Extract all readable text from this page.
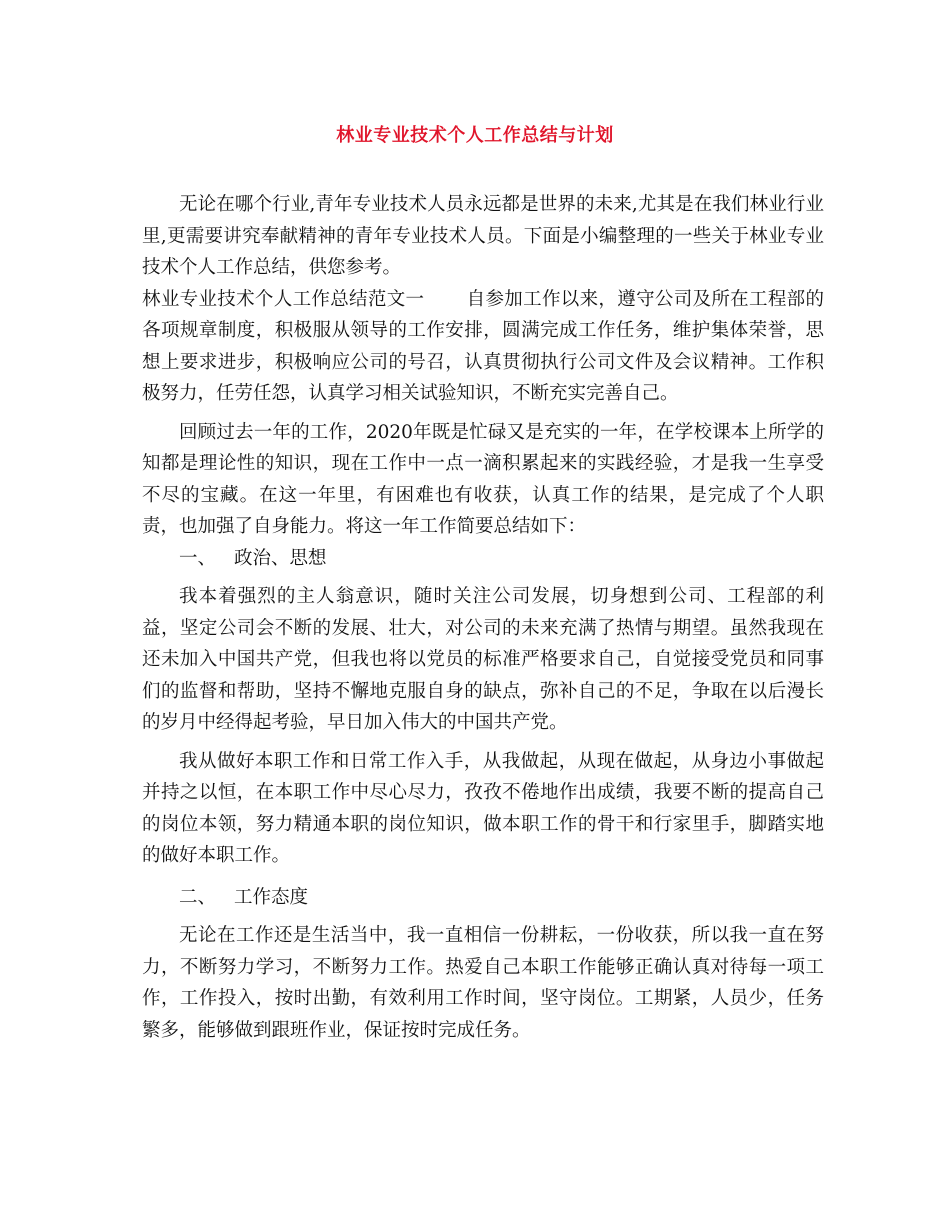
林业专业技术个人工作总结与计划

无论在哪个行业,青年专业技术人员永远都是世界的未来,尤其是在我们林业行业里,更需要讲究奉献精神的青年专业技术人员。下面是小编整理的一些关于林业专业技术个人工作总结，供您参考。

林业专业技术个人工作总结范文一 自参加工作以来，遵守公司及所在工程部的各项规章制度，积极服从领导的工作安排，圆满完成工作任务，维护集体荣誉，思想上要求进步，积极响应公司的号召，认真贯彻执行公司文件及会议精神。工作积极努力，任劳任怨，认真学习相关试验知识，不断充实完善自己。

回顾过去一年的工作，2020年既是忙碌又是充实的一年，在学校课本上所学的知都是理论性的知识，现在工作中一点一滴积累起来的实践经验，才是我一生享受不尽的宝藏。在这一年里，有困难也有收获，认真工作的结果，是完成了个人职责，也加强了自身能力。将这一年工作简要总结如下：

一、 政治、思想

我本着强烈的主人翁意识，随时关注公司发展，切身想到公司、工程部的利益，坚定公司会不断的发展、壮大，对公司的未来充满了热情与期望。虽然我现在还未加入中国共产党，但我也将以党员的标准严格要求自己，自觉接受党员和同事们的监督和帮助，坚持不懈地克服自身的缺点，弥补自己的不足，争取在以后漫长的岁月中经得起考验，早日加入伟大的中国共产党。

我从做好本职工作和日常工作入手，从我做起，从现在做起，从身边小事做起并持之以恒，在本职工作中尽心尽力，孜孜不倦地作出成绩，我要不断的提高自己的岗位本领，努力精通本职的岗位知识，做本职工作的骨干和行家里手，脚踏实地的做好本职工作。

二、 工作态度

无论在工作还是生活当中，我一直相信一份耕耘，一份收获，所以我一直在努力，不断努力学习，不断努力工作。热爱自己本职工作能够正确认真对待每一项工作，工作投入，按时出勤，有效利用工作时间，坚守岗位。工期紧，人员少，任务繁多，能够做到跟班作业，保证按时完成任务。
